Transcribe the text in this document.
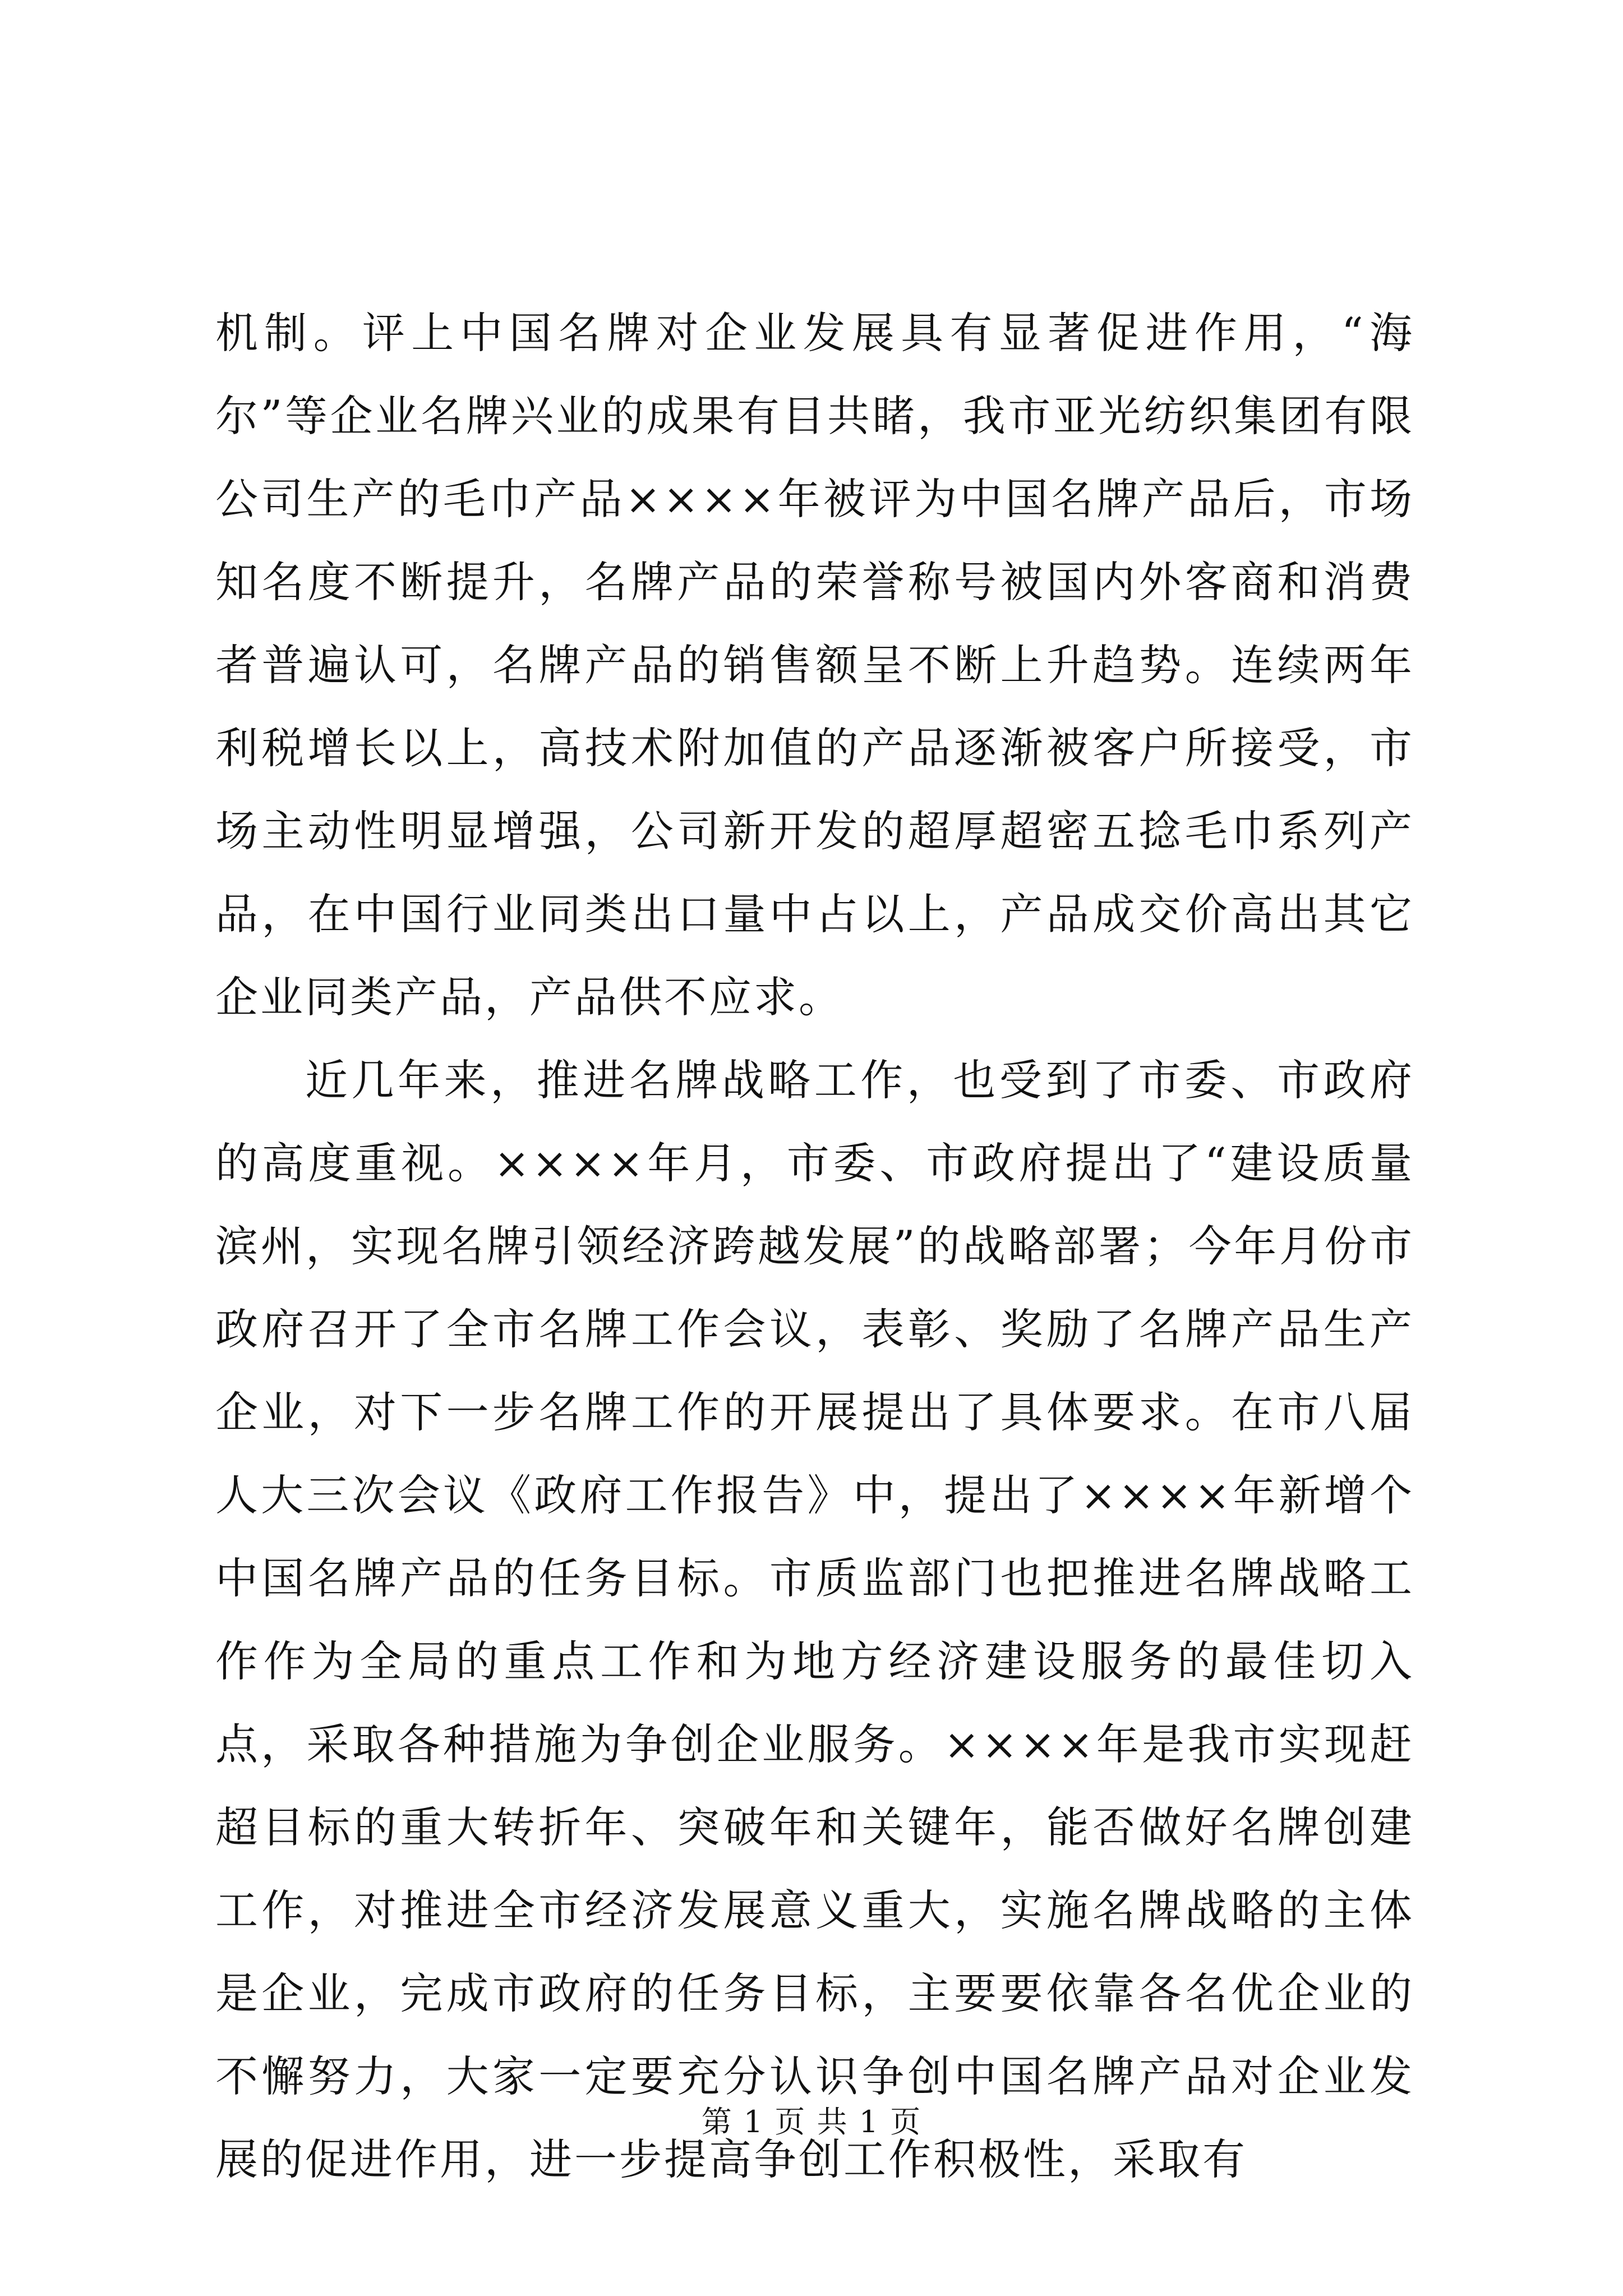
机制。评上中国名牌对企业发展具有显著促进作用，“海尔”等企业名牌兴业的成果有目共睹，我市亚光纺织集团有限公司生产的毛巾产品××××年被评为中国名牌产品后，市场知名度不断提升，名牌产品的荣誉称号被国内外客商和消费者普遍认可，名牌产品的销售额呈不断上升趋势。连续两年利税增长以上，高技术附加值的产品逐渐被客户所接受，市场主动性明显增强，公司新开发的超厚超密五捻毛巾系列产品，在中国行业同类出口量中占以上，产品成交价高出其它企业同类产品，产品供不应求。

近几年来，推进名牌战略工作，也受到了市委、市政府的高度重视。××××年月，市委、市政府提出了“建设质量滨州，实现名牌引领经济跨越发展”的战略部署；今年月份市政府召开了全市名牌工作会议，表彰、奖励了名牌产品生产企业，对下一步名牌工作的开展提出了具体要求。在市八届人大三次会议《政府工作报告》中，提出了××××年新增个中国名牌产品的任务目标。市质监部门也把推进名牌战略工作作为全局的重点工作和为地方经济建设服务的最佳切入点，采取各种措施为争创企业服务。××××年是我市实现赶超目标的重大转折年、突破年和关键年，能否做好名牌创建工作，对推进全市经济发展意义重大，实施名牌战略的主体是企业，完成市政府的任务目标，主要要依靠各名优企业的不懈努力，大家一定要充分认识争创中国名牌产品对企业发展的促进作用，进一步提高争创工作积极性，采取有

第 1 页 共 1 页
